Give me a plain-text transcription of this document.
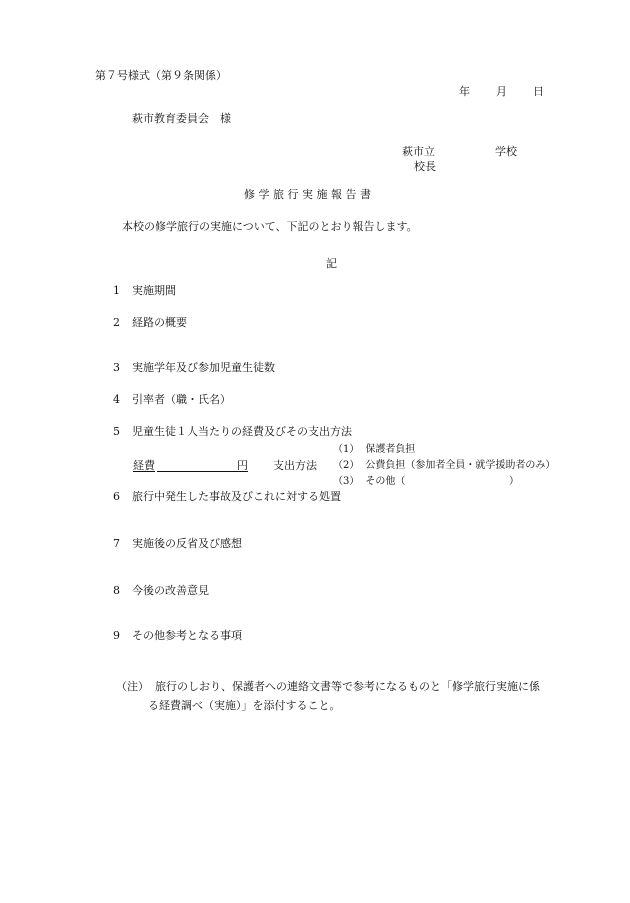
第７号様式（第９条関係）
年 月 日
萩市教育委員会　様
萩市立	学校
校長
修 学 旅 行 実 施 報 告 書
本校の修学旅行の実施について、下記のとおり報告します。
記
1 実施期間
2 経路の概要
3 実施学年及び参加児童生徒数
4 引率者（職・氏名）
5 児童生徒１人当たりの経費及びその支出方法
（1） 保護者負担
経費	円 支出方法 （2） 公費負担（参加者全員・就学援助者のみ）
（3） その他（	）
6 旅行中発生した事故及びこれに対する処置
7 実施後の反省及び感想
8 今後の改善意見
9 その他参考となる事項
（注） 旅行のしおり、保護者への連絡文書等で参考になるものと「修学旅行実施に係
る経費調べ（実施）」を添付すること。
